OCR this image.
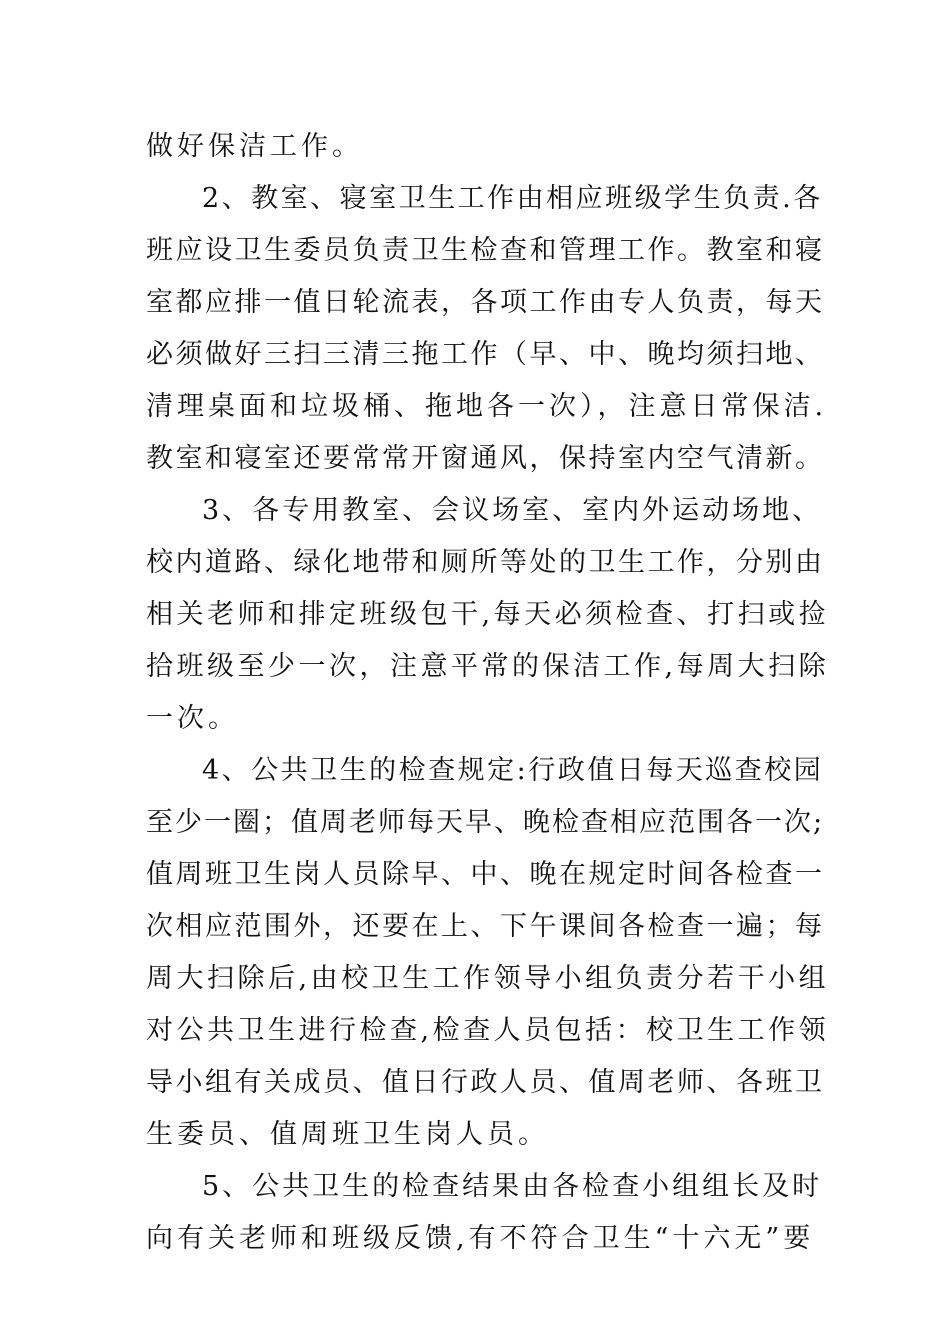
做好保洁工作。
2、教室、寝室卫生工作由相应班级学生负责.各
班应设卫生委员负责卫生检查和管理工作。教室和寝
室都应排一值日轮流表，各项工作由专人负责，每天
必须做好三扫三清三拖工作（早、中、晚均须扫地、
清理桌面和垃圾桶、拖地各一次），注意日常保洁.
教室和寝室还要常常开窗通风，保持室内空气清新。
3、各专用教室、会议场室、室内外运动场地、
校内道路、绿化地带和厕所等处的卫生工作，分别由
相关老师和排定班级包干,每天必须检查、打扫或捡
拾班级至少一次，注意平常的保洁工作,每周大扫除
一次。
4、公共卫生的检查规定:行政值日每天巡查校园
至少一圈；值周老师每天早、晚检查相应范围各一次;
值周班卫生岗人员除早、中、晚在规定时间各检查一
次相应范围外，还要在上、下午课间各检查一遍；每
周大扫除后,由校卫生工作领导小组负责分若干小组
对公共卫生进行检查,检查人员包括：校卫生工作领
导小组有关成员、值日行政人员、值周老师、各班卫
生委员、值周班卫生岗人员。
5、公共卫生的检查结果由各检查小组组长及时
向有关老师和班级反馈,有不符合卫生“十六无”要
